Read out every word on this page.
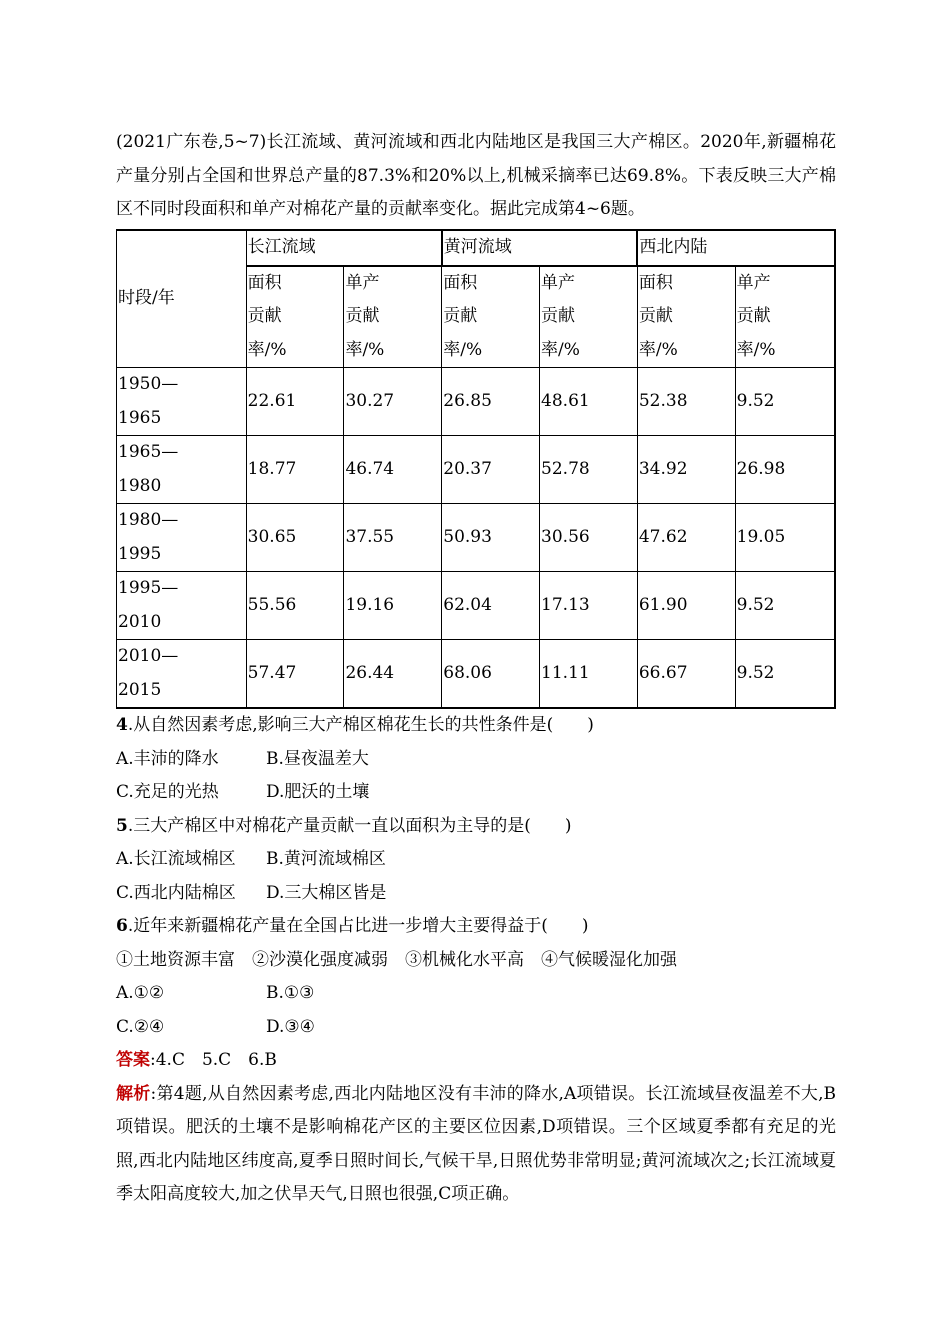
(2021广东卷,5~7)长江流域、黄河流域和西北内陆地区是我国三大产棉区。2020年,新疆棉花产量分别占全国和世界总产量的87.3%和20%以上,机械采摘率已达69.8%。下表反映三大产棉区不同时段面积和单产对棉花产量的贡献率变化。据此完成第4~6题。

时段/年	长江流域		黄河流域		西北内陆	

	面积
贡献
率/%	单产
贡献
率/%	面积
贡献
率/%	单产
贡献
率/%	面积
贡献
率/%	单产
贡献
率/%

1950—
1965	22.61	30.27	26.85	48.61	52.38	9.52

1965—
1980	18.77	46.74	20.37	52.78	34.92	26.98

1980—
1995	30.65	37.55	50.93	30.56	47.62	19.05

1995—
2010	55.56	19.16	62.04	17.13	61.90	9.52

2010—
2015	57.47	26.44	68.06	11.11	66.67	9.52

4.从自然因素考虑,影响三大产棉区棉花生长的共性条件是(　　)

A.丰沛的降水	B.昼夜温差大
C.充足的光热	D.肥沃的土壤

5.三大产棉区中对棉花产量贡献一直以面积为主导的是(　　)

A.长江流域棉区	B.黄河流域棉区
C.西北内陆棉区	D.三大棉区皆是

6.近年来新疆棉花产量在全国占比进一步增大主要得益于(　　)

①土地资源丰富　②沙漠化强度减弱　③机械化水平高　④气候暖湿化加强

A.①②	B.①③
C.②④	D.③④

答案:4.C　5.C　6.B

解析:第4题,从自然因素考虑,西北内陆地区没有丰沛的降水,A项错误。长江流域昼夜温差不大,B项错误。肥沃的土壤不是影响棉花产区的主要区位因素,D项错误。三个区域夏季都有充足的光照,西北内陆地区纬度高,夏季日照时间长,气候干旱,日照优势非常明显;黄河流域次之;长江流域夏季太阳高度较大,加之伏旱天气,日照也很强,C项正确。
